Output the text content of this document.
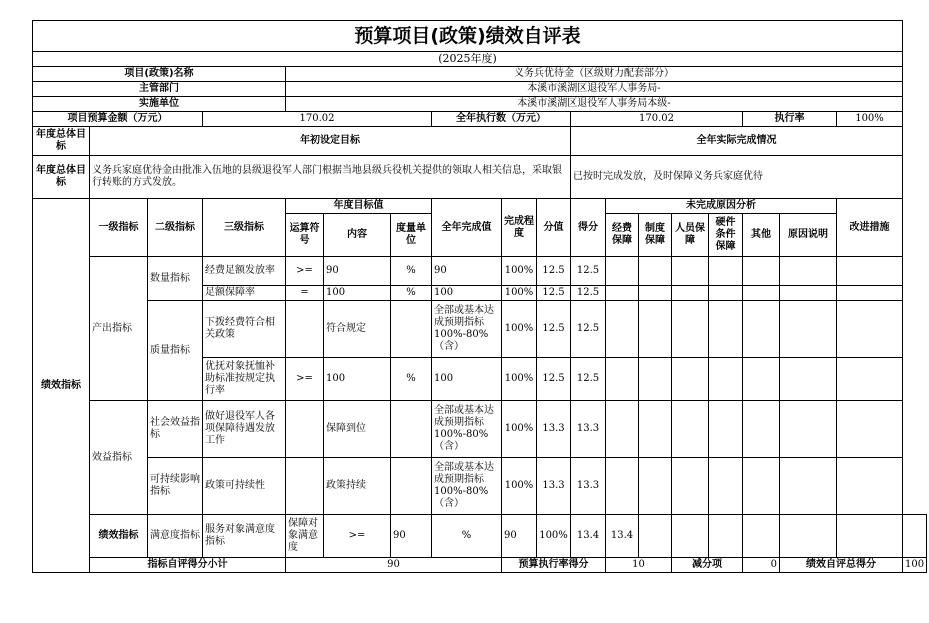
预算项目(政策)绩效自评表																		
(2025年度)																		
项目(政策)名称				义务兵优待金（区级财力配套部分）														
主管部门				本溪市溪湖区退役军人事务局-														
实施单位				本溪市溪湖区退役军人事务局本级-														
项目预算金额（万元）			170.02				全年执行数（万元）			170.02					执行率		100%	
年度总体目标	年初设定目标									全年实际完成情况								
年度总体目标	义务兵家庭优待金由批准入伍地的县级退役军人部门根据当地县级兵役机关提供的领取人相关信息，采取银行转账的方式发放。									已按时完成发放，及时保障义务兵家庭优待								
绩效指标	一级指标	二级指标	三级指标	年度目标值			全年完成值	完成程度	分值	得分	未完成原因分析						改进措施	
				运算符号	内容	度量单位					经费保障	制度保障	人员保障	硬件条件保障	其他	原因说明		
	产出指标	数量指标	经费足额发放率	>=	90	%	90	100%	12.5	12.5								
			足额保障率	=	100	%	100	100%	12.5	12.5								
		质量指标	下拨经费符合相关政策		符合规定		全部或基本达成预期指标100%-80%（含）	100%	12.5	12.5								
			优抚对象抚恤补助标准按规定执行率	>=	100	%	100	100%	12.5	12.5								
	效益指标	社会效益指标	做好退役军人各项保障待遇发放工作		保障到位		全部或基本达成预期指标100%-80%（含）	100%	13.3	13.3								
		可持续影响指标	政策可持续性		政策持续		全部或基本达成预期指标100%-80%（含）	100%	13.3	13.3								
	绩效指标	满意度指标	服务对象满意度指标	保障对象满意度	>=	90	%	90	100%	13.4	13.4							
	指标自评得分小计			90				预算执行率得分			10		减分项		0	绩效自评总得分		100
